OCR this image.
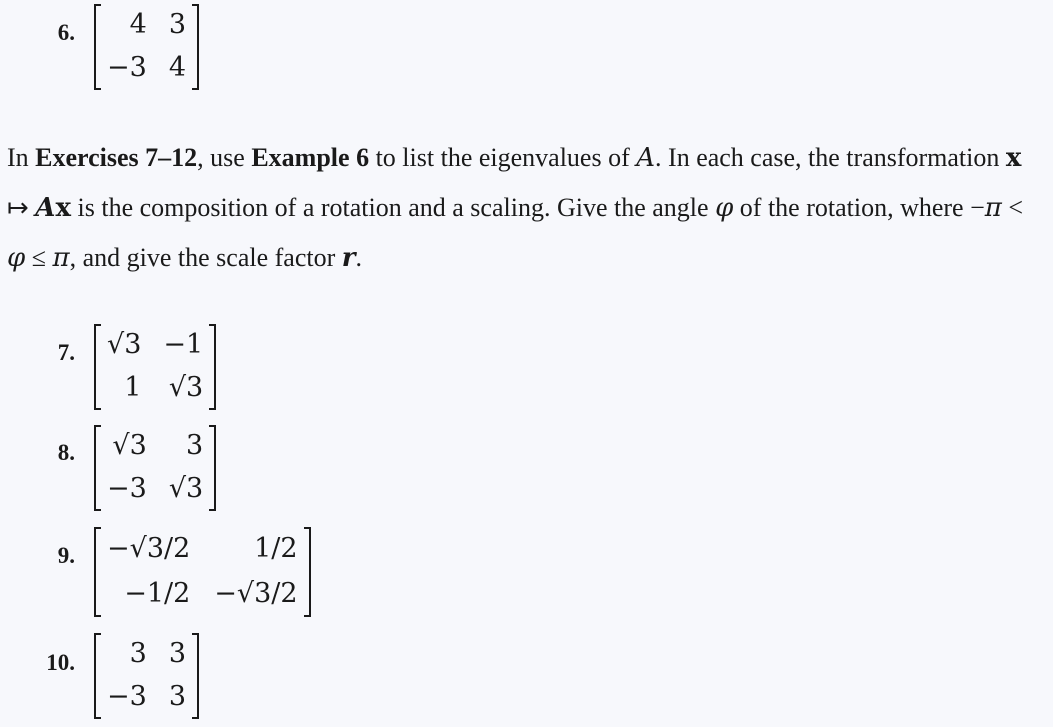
6.	4 3
−3 4
In Exercises 7–12, use Example 6 to list the eigenvalues of A. In each case, the transformation x ↦ Ax is the composition of a rotation and a scaling. Give the angle φ of the rotation, where −π < φ ≤ π, and give the scale factor r.
7. √3 −1
1 √3
8. √3	3
−3 √3
9. −√3/2	1/2
−1/2 −√3/2
10.	3 3
−3 3
